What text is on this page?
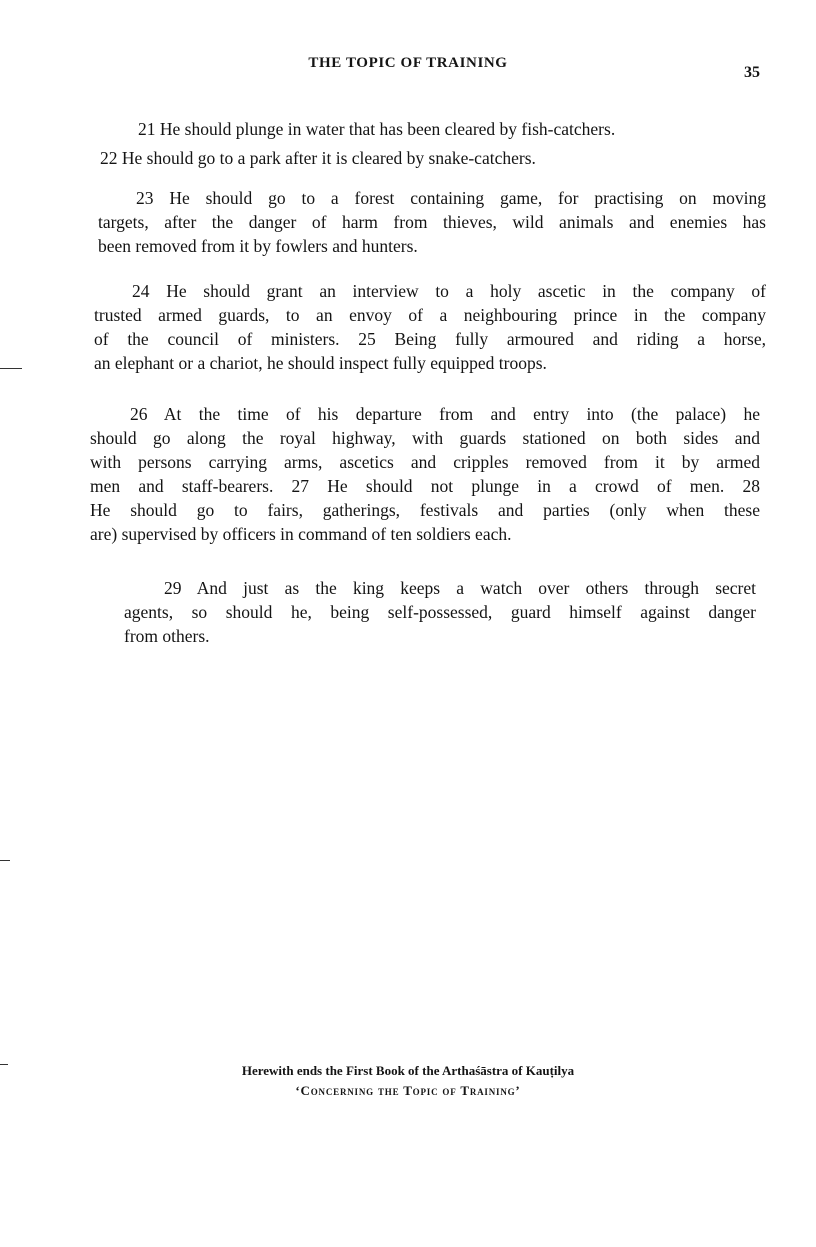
THE TOPIC OF TRAINING
35
21 He should plunge in water that has been cleared by fish-catchers.
22 He should go to a park after it is cleared by snake-catchers.
23 He should go to a forest containing game, for practising on moving
targets, after the danger of harm from thieves, wild animals and enemies has
been removed from it by fowlers and hunters.
24 He should grant an interview to a holy ascetic in the company of
trusted armed guards, to an envoy of a neighbouring prince in the company
of the council of ministers. 25 Being fully armoured and riding a horse,
an elephant or a chariot, he should inspect fully equipped troops.
26 At the time of his departure from and entry into (the palace) he
should go along the royal highway, with guards stationed on both sides and
with persons carrying arms, ascetics and cripples removed from it by armed
men and staff-bearers. 27 He should not plunge in a crowd of men. 28
He should go to fairs, gatherings, festivals and parties (only when these
are) supervised by officers in command of ten soldiers each.
29 And just as the king keeps a watch over others through secret
agents, so should he, being self-possessed, guard himself against danger
from others.
Herewith ends the First Book of the Arthaśāstra of Kauṭilya
‘Concerning the Topic of Training’
